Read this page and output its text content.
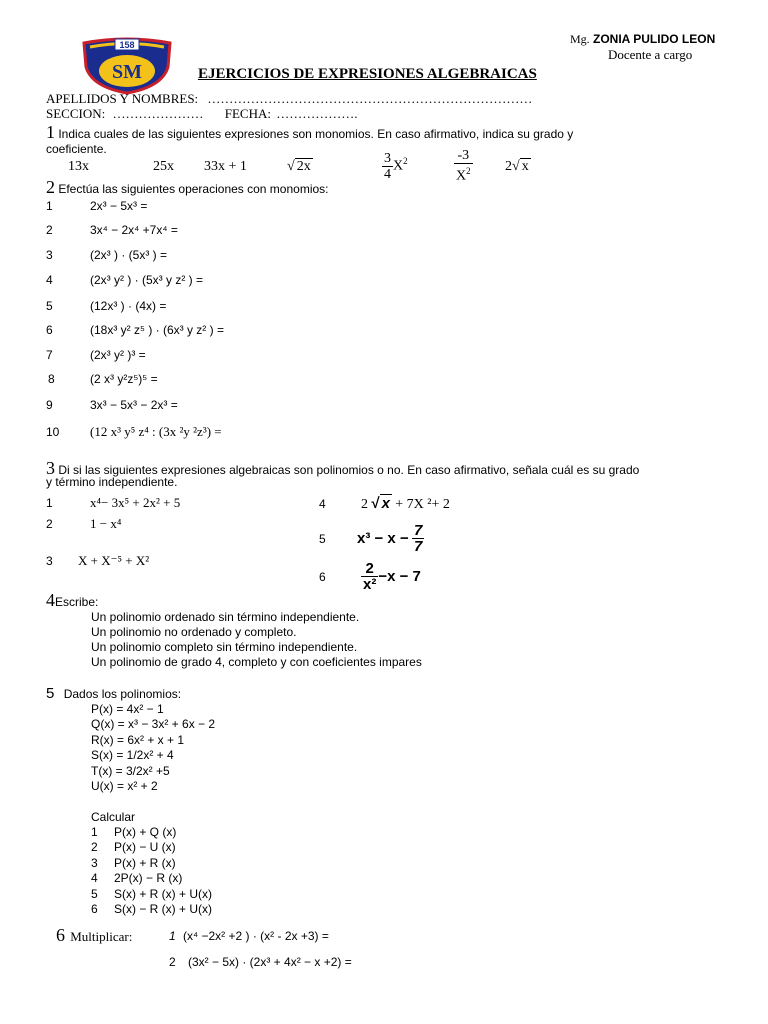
Mg. ZONIA PULIDO LEON
Docente a cargo
158
SM	EJERCICIOS DE EXPRESIONES ALGEBRAICAS
APELLIDOS Y NOMBRES: …………………………………………………………………
SECCION: ………………… FECHA: ……………….
1 Indica cuales de las siguientes expresiones son monomios. En caso afirmativo, indica su grado y
coeficiente.
13x	25x 33x + 1	√ 2x	$\frac{3}{4} X^2$	$\frac{-3}{X^2} 2√$ x
2 Efectúa las siguientes operaciones con monomios:
1	2x³ − 5x³ =
2	3x⁴ − 2x⁴ +7x⁴ =
3	(2x³ ) · (5x³ ) =
4	(2x³ y² ) · (5x³ y z² ) =
5	(12x³ ) · (4x) =
6	(18x³ y² z⁵ ) · (6x³ y z² ) =
7	(2x³ y² )³ =
8	(2 x³ y²z⁵)⁵ =
9	3x³ − 5x³ − 2x³ =
10 (12 x³ y⁵ z⁴ : (3x ²y ²z³) =
3 Di si las siguientes expresiones algebraicas son polinomios o no. En caso afirmativo, señala cuál es su grado
y término independiente.
1	x⁴− 3x⁵ + 2x² + 5
2	1 − x⁴
3 X + X⁻⁵ + X²
4	2 √ x + 7X ²+ 2
5 $x^3 - x - \frac{7}{7}$
$6 \frac{2}{\text{x²}} -x - 7$
4Escribe:
Un polinomio ordenado sin término independiente.
Un polinomio no ordenado y completo.
Un polinomio completo sin término independiente.
Un polinomio de grado 4, completo y con coeficientes impares
5 Dados los polinomios:
P(x) = 4x² − 1
Q(x) = x³ − 3x² + 6x − 2
R(x) = 6x² + x + 1
S(x) = 1/2x² + 4
T(x) = 3/2x² +5
U(x) = x² + 2
Calcular
1 P(x) + Q (x)
2 P(x) − U (x)
3 P(x) + R (x)
4 2P(x) − R (x)
5 S(x) + R (x) + U(x)
6 S(x) − R (x) + U(x)
6 Multiplicar:	1 (x⁴ −2x² +2 ) · (x² - 2x +3) =
2 (3x² − 5x) · (2x³ + 4x² − x +2) =
